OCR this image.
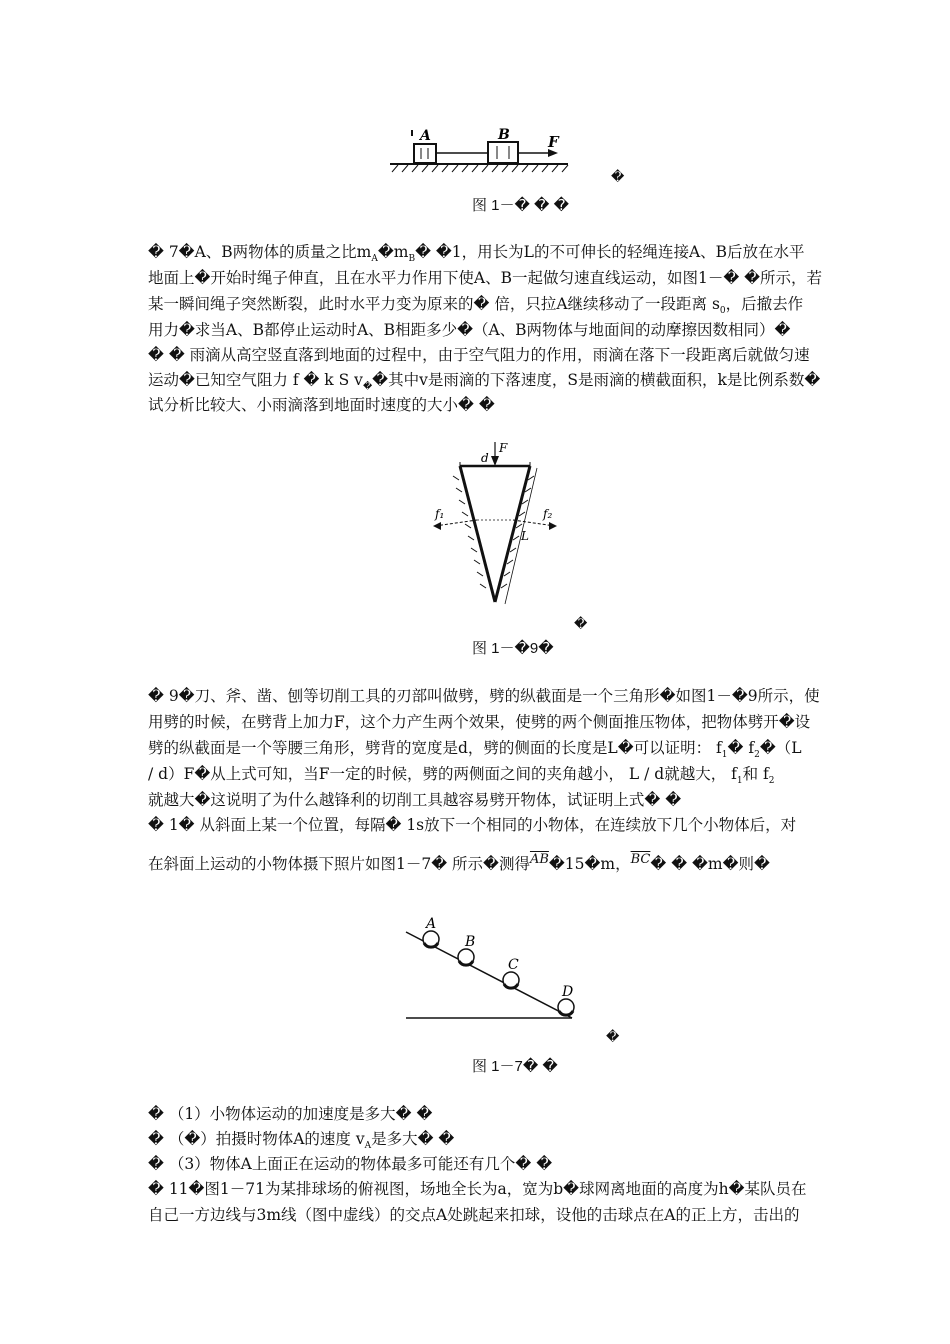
A	B	F
�
图 1－� � �
� 7�A、B两物体的质量之比$m_A�m_B�$ �1，用长为L的不可伸长的轻绳连接A、B后放在水平
地面上�开始时绳子伸直，且在水平力作用下使A、B一起做匀速直线运动，如图1－� �所示，若
某一瞬间绳子突然断裂，此时水平力变为原来的� 倍，只拉A继续移动了一段距离 $s_0$，后撤去作
用力�求当A、B都停止运动时A、B相距多少�（A、B两物体与地面间的动摩擦因数相同）�
� � 雨滴从高空竖直落到地面的过程中，由于空气阻力的作用，雨滴在落下一段距离后就做匀速
运动�已知空气阻力 f � k S $v_��$其中v是雨滴的下落速度，S是雨滴的横截面积，k是比例系数�
试分析比较大、小雨滴落到地面时速度的大小� �
d
F
f₁	f₂
L
�
图 1－�9�
� 9�刀、斧、凿、刨等切削工具的刃部叫做劈，劈的纵截面是一个三角形�如图1－�9所示，使
用劈的时候，在劈背上加力F，这个力产生两个效果，使劈的两个侧面推压物体，把物体劈开�设
劈的纵截面是一个等腰三角形，劈背的宽度是d，劈的侧面的长度是L�可以证明： $f_1�$ $f_2�(L$
/ d）F�从上式可知，当F一定的时候，劈的两侧面之间的夹角越小， L / d就越大， $f_1$和 $f_2$
就越大�这说明了为什么越锋利的切削工具越容易劈开物体，试证明上式� �
� 1� 从斜面上某一个位置，每隔� 1s放下一个相同的小物体，在连续放下几个小物体后，对
在斜面上运动的小物体摄下照片如图1－7� 所示�测得$^{\overline{AB}}$�15�m，$^{\overline{BC}}$� � �m�则�
A
B
C
D
�
图 1－7� �
� （1）小物体运动的加速度是多大� �
� （�）拍摄时物体A的速度 $v_A$是多大� �
� （3）物体A上面正在运动的物体最多可能还有几个� �
� 11�图1－71为某排球场的俯视图，场地全长为a，宽为b�球网离地面的高度为h�某队员在
自己一方边线与3m线（图中虚线）的交点A处跳起来扣球，设他的击球点在A的正上方，击出的
